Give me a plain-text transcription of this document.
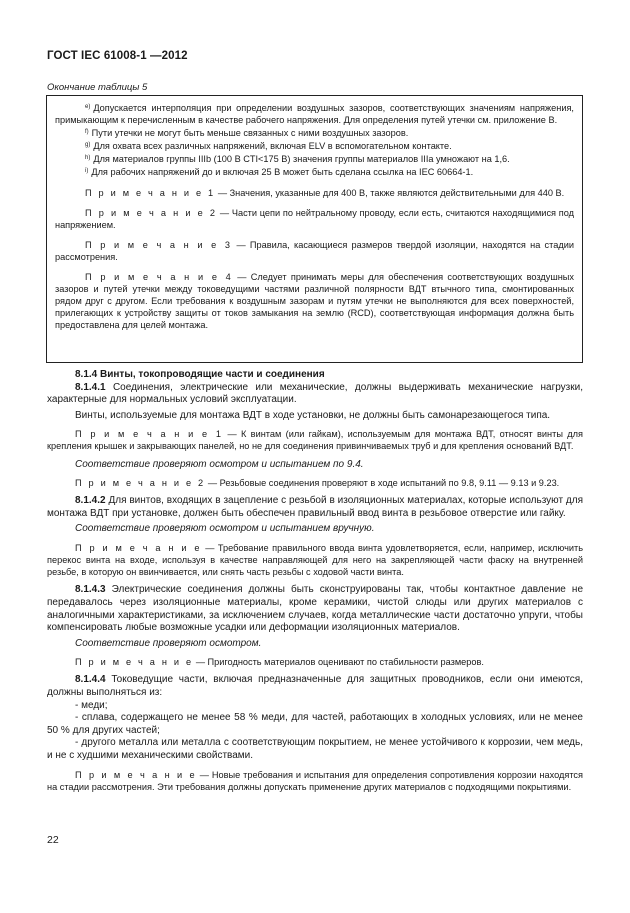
ГОСТ IEC 61008-1 —2012
Окончание таблицы 5

$^{е)}$ Допускается интерполяция при определении воздушных зазоров, соответствующих значениям напряжения, примыкающим к перечисленным в качестве рабочего напряжения. Для определения путей утечки см. приложение В.

$^{f)}$ Пути утечки не могут быть меньше связанных с ними воздушных зазоров.

$^{g)}$ Для охвата всех различных напряжений, включая ELV в вспомогательном контакте.

$^{h)}$ Для материалов группы IIIb (100 В CTI<175 В) значения группы материалов IIIa умножают на 1,6.

$^{i)}$ Для рабочих напряжений до и включая 25 В может быть сделана ссылка на IEC 60664-1.

П р и м е ч а н и е 1 — Значения, указанные для 400 В, также являются действительными для 440 В.

П р и м е ч а н и е 2 — Части цепи по нейтральному проводу, если есть, считаются находящимися под напряжением.

П р и м е ч а н и е 3 — Правила, касающиеся размеров твердой изоляции, находятся на стадии рассмотрения.

П р и м е ч а н и е 4 — Следует принимать меры для обеспечения соответствующих воздушных зазоров и путей утечки между токоведущими частями различной полярности ВДТ втычного типа, смонтированных рядом друг с другом. Если требования к воздушным зазорам и путям утечки не выполняются для всех поверхностей, прилегающих к устройству защиты от токов замыкания на землю (RCD), соответствующая информация должна быть предоставлена для целей монтажа.

8.1.4 Винты, токопроводящие части и соединения

8.1.4.1 Соединения, электрические или механические, должны выдерживать механические нагрузки, характерные для нормальных условий эксплуатации.

Винты, используемые для монтажа ВДТ в ходе установки, не должны быть самонарезающегося типа.

П р и м е ч а н и е 1 — К винтам (или гайкам), используемым для монтажа ВДТ, относят винты для крепления крышек и закрывающих панелей, но не для соединения привинчиваемых труб и для крепления оснований ВДТ.

Соответствие проверяют осмотром и испытанием по 9.4.

П р и м е ч а н и е 2 — Резьбовые соединения проверяют в ходе испытаний по 9.8, 9.11 — 9.13 и 9.23.

8.1.4.2 Для винтов, входящих в зацепление с резьбой в изоляционных материалах, которые используют для монтажа ВДТ при установке, должен быть обеспечен правильный ввод винта в резьбовое отверстие или гайку.

Соответствие проверяют осмотром и испытанием вручную.

П р и м е ч а н и е — Требование правильного ввода винта удовлетворяется, если, например, исключить перекос винта на входе, используя в качестве направляющей для него на закрепляющей части фаску на внутренней резьбе, в которую он ввинчивается, или снять часть резьбы с ходовой части винта.

8.1.4.3 Электрические соединения должны быть сконструированы так, чтобы контактное давление не передавалось через изоляционные материалы, кроме керамики, чистой слюды или других материалов с аналогичными характеристиками, за исключением случаев, когда металлические части достаточно упруги, чтобы компенсировать любые возможные усадки или деформации изоляционных материалов.

Соответствие проверяют осмотром.

П р и м е ч а н и е — Пригодность материалов оценивают по стабильности размеров.

8.1.4.4 Токоведущие части, включая предназначенные для защитных проводников, если они имеются, должны выполняться из:

- меди;

- сплава, содержащего не менее 58 % меди, для частей, работающих в холодных условиях, или не менее 50 % для других частей;

- другого металла или металла с соответствующим покрытием, не менее устойчивого к коррозии, чем медь, и не с худшими механическими свойствами.

П р и м е ч а н и е — Новые требования и испытания для определения сопротивления коррозии находятся на стадии рассмотрения. Эти требования должны допускать применение других материалов с подходящими покрытиями.

22
